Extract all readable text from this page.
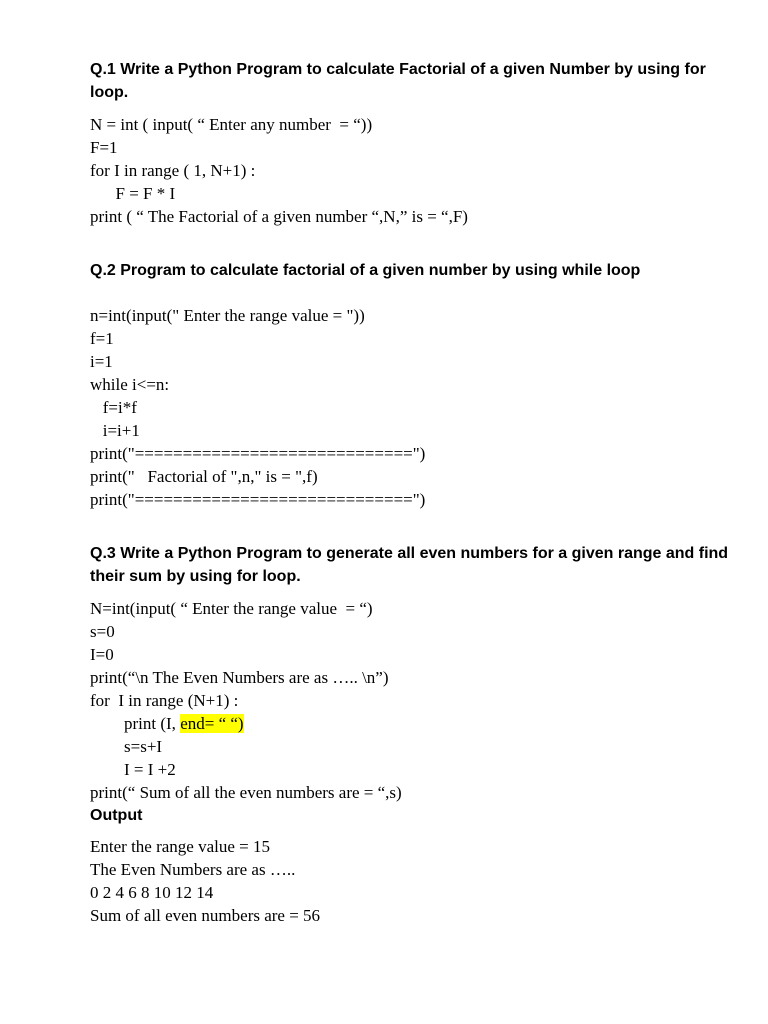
Q.1 Write a Python Program to calculate Factorial of a given Number by using for loop.

N = int ( input( “ Enter any number  = “))
F=1
for I in range ( 1, N+1) :
F = F * I
print ( “ The Factorial of a given number “,N,” is = “,F)

Q.2 Program to calculate factorial of a given number by using while loop

n=int(input(" Enter the range value = "))
f=1
i=1
while i<=n:
f=i*f
i=i+1
print("=============================")
print("   Factorial of ",n," is = ",f)
print("=============================")

Q.3 Write a Python Program to generate all even numbers for a given range and find their sum by using for loop.

N=int(input( “ Enter the range value  = “)
s=0
I=0
print(“\n The Even Numbers are as ….. \n”)
for  I in range (N+1) :
print (I, end= “ “)
s=s+I
I = I +2
print(“ Sum of all the even numbers are = “,s)

Output

Enter the range value = 15
The Even Numbers are as …..
0 2 4 6 8 10 12 14
Sum of all even numbers are = 56
